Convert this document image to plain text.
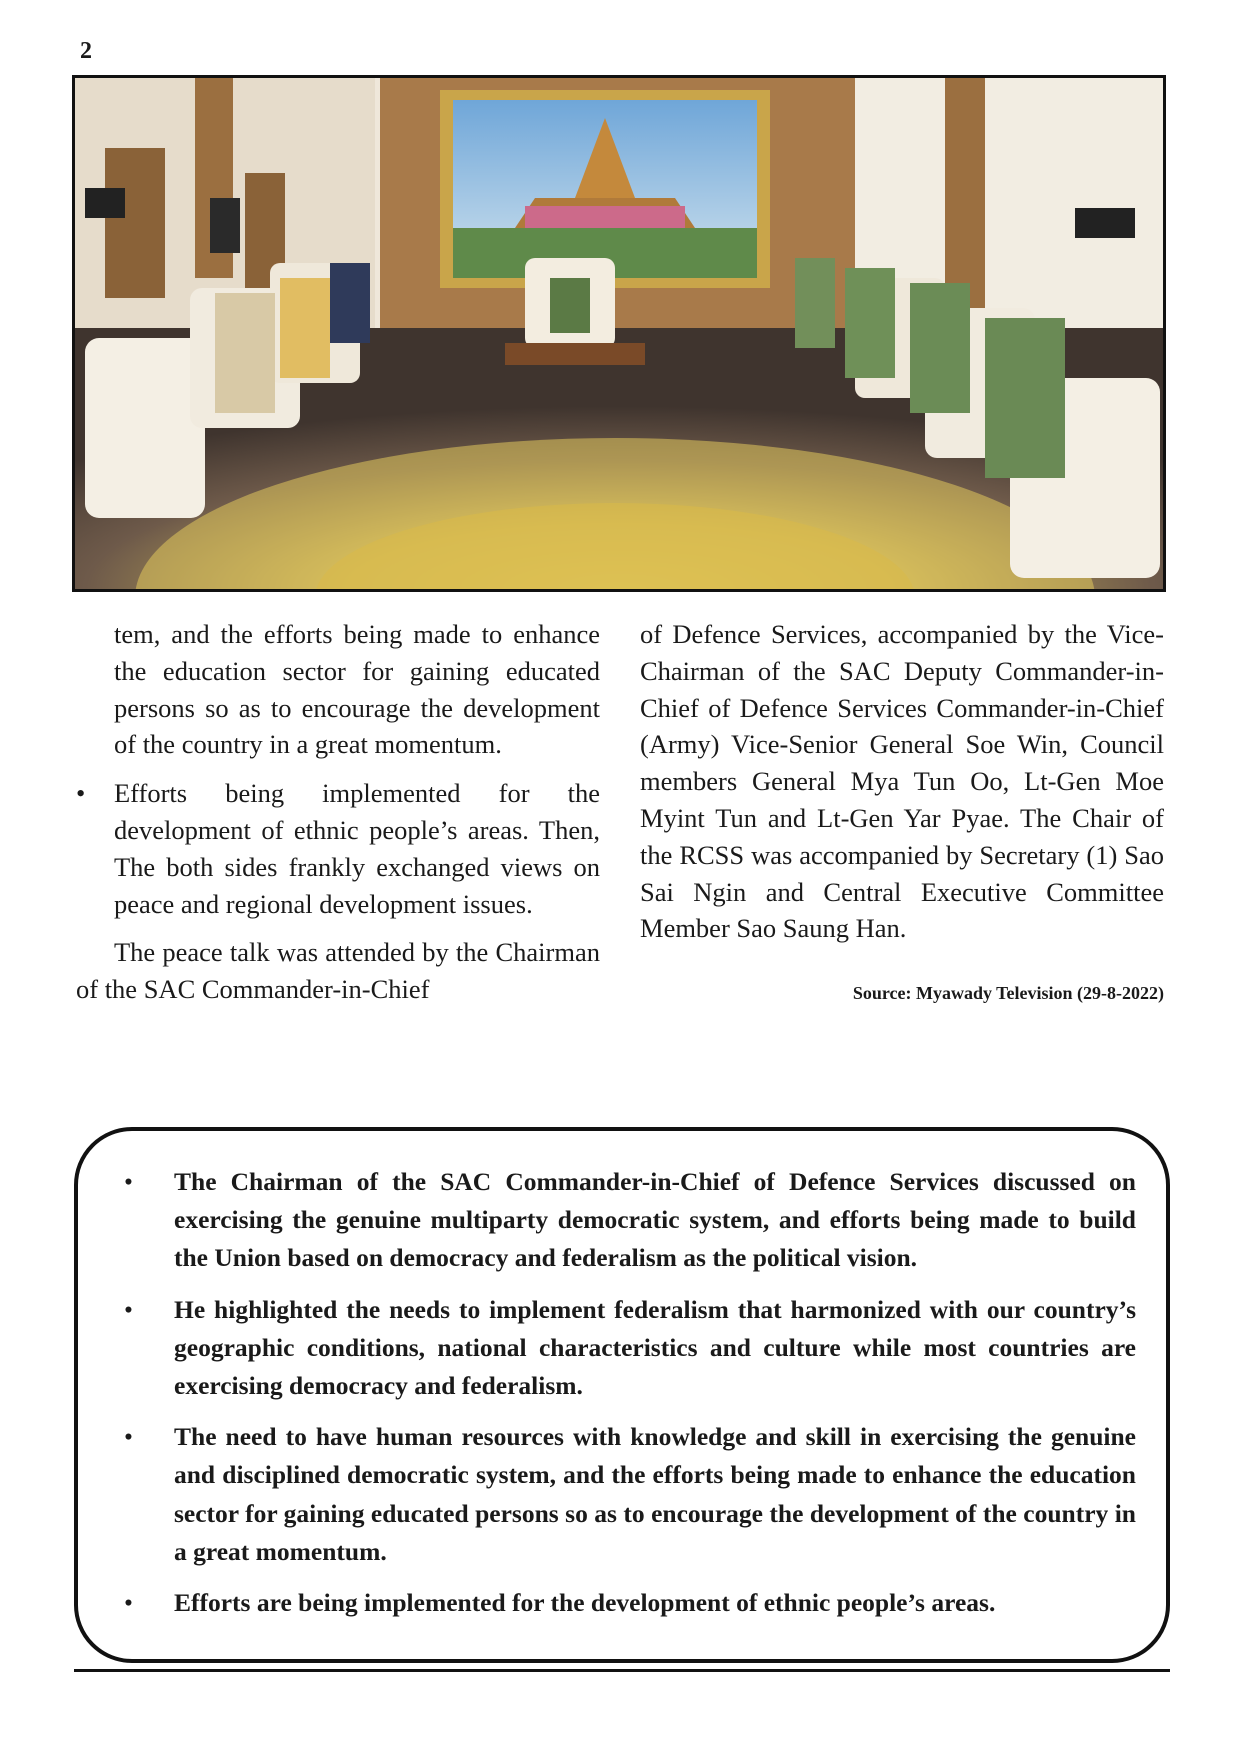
2

tem, and the efforts being made to enhance the education sector for gaining educated persons so as to encourage the development of the country in a great momentum.

• Efforts being implemented for the development of ethnic people’s areas. Then, The both sides frankly exchanged views on peace and regional development issues.

The peace talk was attended by the Chairman of the SAC Commander-in-Chief

of Defence Services, accompanied by the Vice-Chairman of the SAC Deputy Commander-in-Chief of Defence Services Commander-in-Chief (Army) Vice-Senior General Soe Win, Council members General Mya Tun Oo, Lt-Gen Moe Myint Tun and Lt-Gen Yar Pyae. The Chair of the RCSS was accompanied by Secretary (1) Sao Sai Ngin and Central Executive Committee Member Sao Saung Han.

Source: Myawady Television (29-8-2022)

• The Chairman of the SAC Commander-in-Chief of Defence Services discussed on exercising the genuine multiparty democratic system, and efforts being made to build the Union based on democracy and federalism as the political vision.
• He highlighted the needs to implement federalism that harmonized with our country’s geographic conditions, national characteristics and culture while most countries are exercising democracy and federalism.
• The need to have human resources with knowledge and skill in exercising the genuine and disciplined democratic system, and the efforts being made to enhance the education sector for gaining educated persons so as to encourage the development of the country in a great momentum.
• Efforts are being implemented for the development of ethnic people’s areas.
